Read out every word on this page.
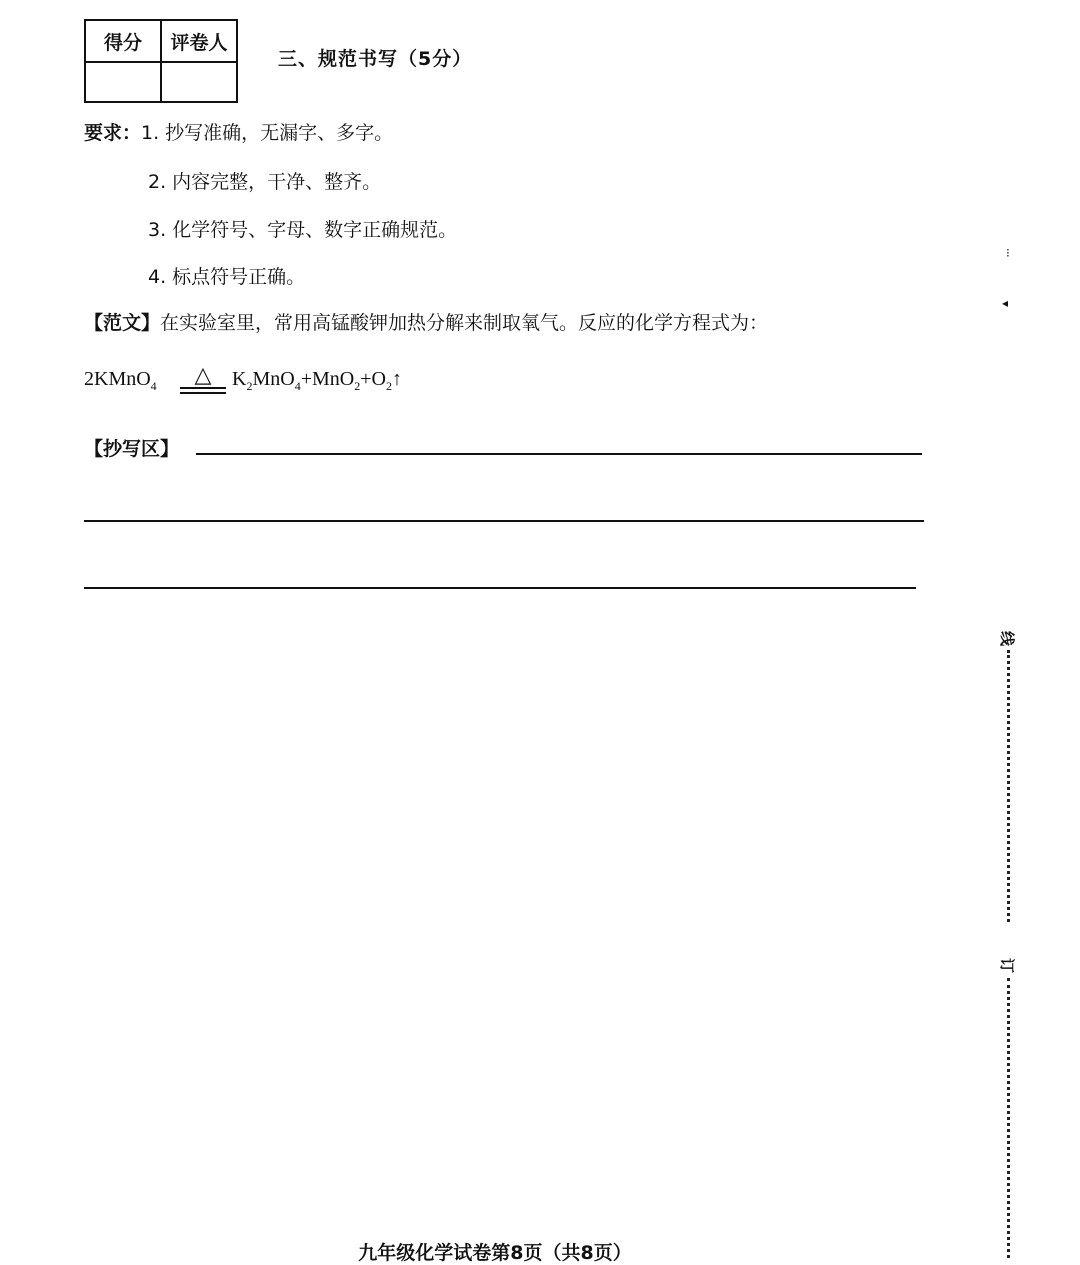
得分	评卷人

三、规范书写（5分）
要求：1. 抄写准确，无漏字、多字。
2. 内容完整，干净、整齐。
3. 化学符号、字母、数字正确规范。
4. 标点符号正确。
【范文】在实验室里，常用高锰酸钾加热分解来制取氧气。反应的化学方程式为：
2KMnO$_4$ △ $K_2MnO_4+MnO_2+O_2↑$
【抄写区】
⁝
◂
线
订
九年级化学试卷第8页（共8页）
